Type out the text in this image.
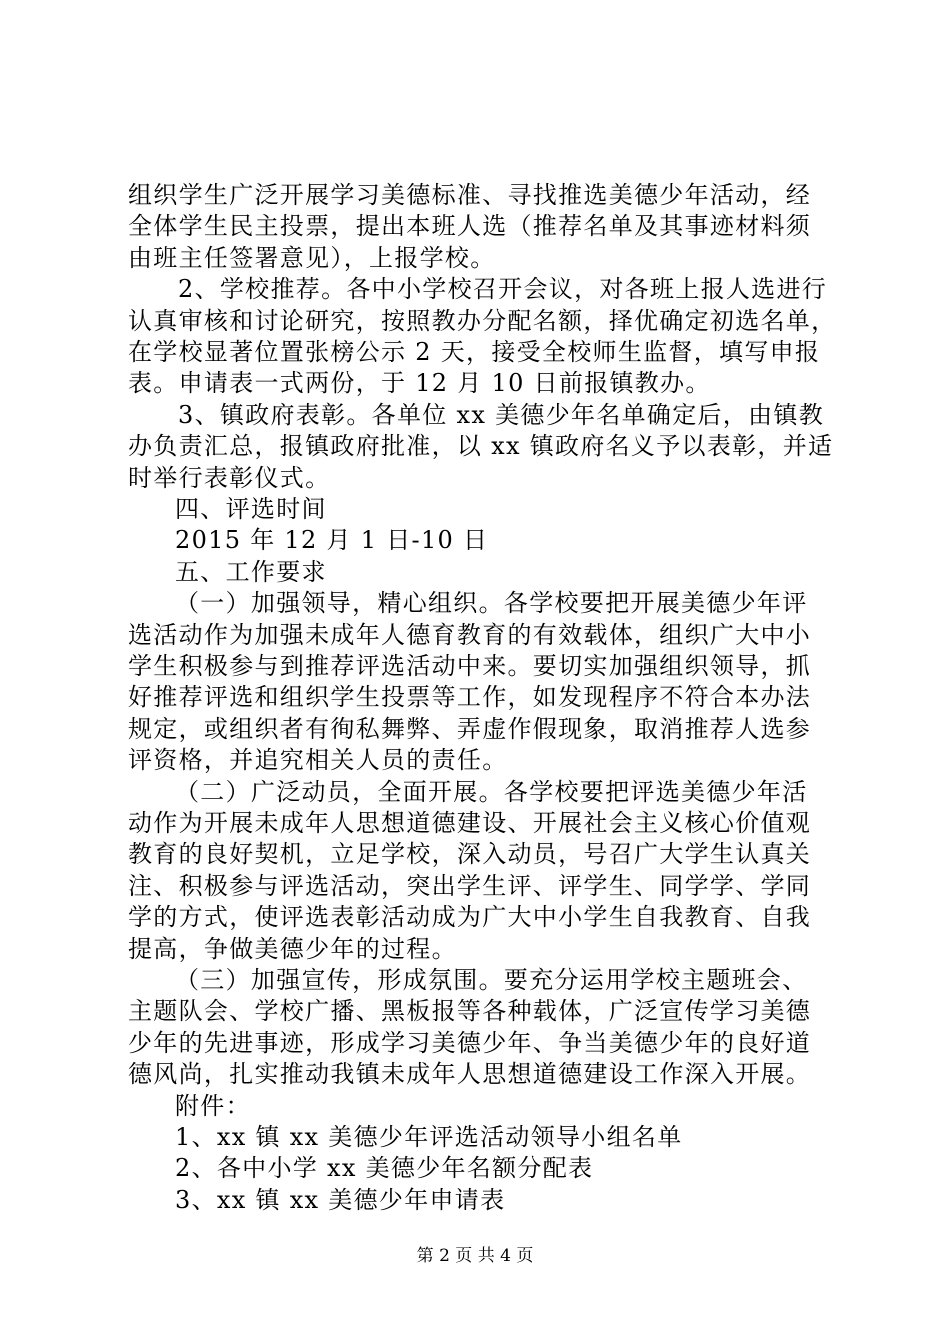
组织学生广泛开展学习美德标准、寻找推选美德少年活动，经
全体学生民主投票，提出本班人选（推荐名单及其事迹材料须
由班主任签署意见），上报学校。
2、学校推荐。各中小学校召开会议，对各班上报人选进行
认真审核和讨论研究，按照教办分配名额，择优确定初选名单，
在学校显著位置张榜公示 2 天，接受全校师生监督，填写申报
表。申请表一式两份，于 12 月 10 日前报镇教办。
3、镇政府表彰。各单位 xx 美德少年名单确定后，由镇教
办负责汇总，报镇政府批准，以 xx 镇政府名义予以表彰，并适
时举行表彰仪式。
四、评选时间
2015 年 12 月 1 日-10 日
五、工作要求
（一）加强领导，精心组织。各学校要把开展美德少年评
选活动作为加强未成年人德育教育的有效载体，组织广大中小
学生积极参与到推荐评选活动中来。要切实加强组织领导，抓
好推荐评选和组织学生投票等工作，如发现程序不符合本办法
规定，或组织者有徇私舞弊、弄虚作假现象，取消推荐人选参
评资格，并追究相关人员的责任。
（二）广泛动员，全面开展。各学校要把评选美德少年活
动作为开展未成年人思想道德建设、开展社会主义核心价值观
教育的良好契机，立足学校，深入动员，号召广大学生认真关
注、积极参与评选活动，突出学生评、评学生、同学学、学同
学的方式，使评选表彰活动成为广大中小学生自我教育、自我
提高，争做美德少年的过程。
（三）加强宣传，形成氛围。要充分运用学校主题班会、
主题队会、学校广播、黑板报等各种载体，广泛宣传学习美德
少年的先进事迹，形成学习美德少年、争当美德少年的良好道
德风尚，扎实推动我镇未成年人思想道德建设工作深入开展。
附件：
1、xx 镇 xx 美德少年评选活动领导小组名单
2、各中小学 xx 美德少年名额分配表
3、xx 镇 xx 美德少年申请表
第 2 页 共 4 页
